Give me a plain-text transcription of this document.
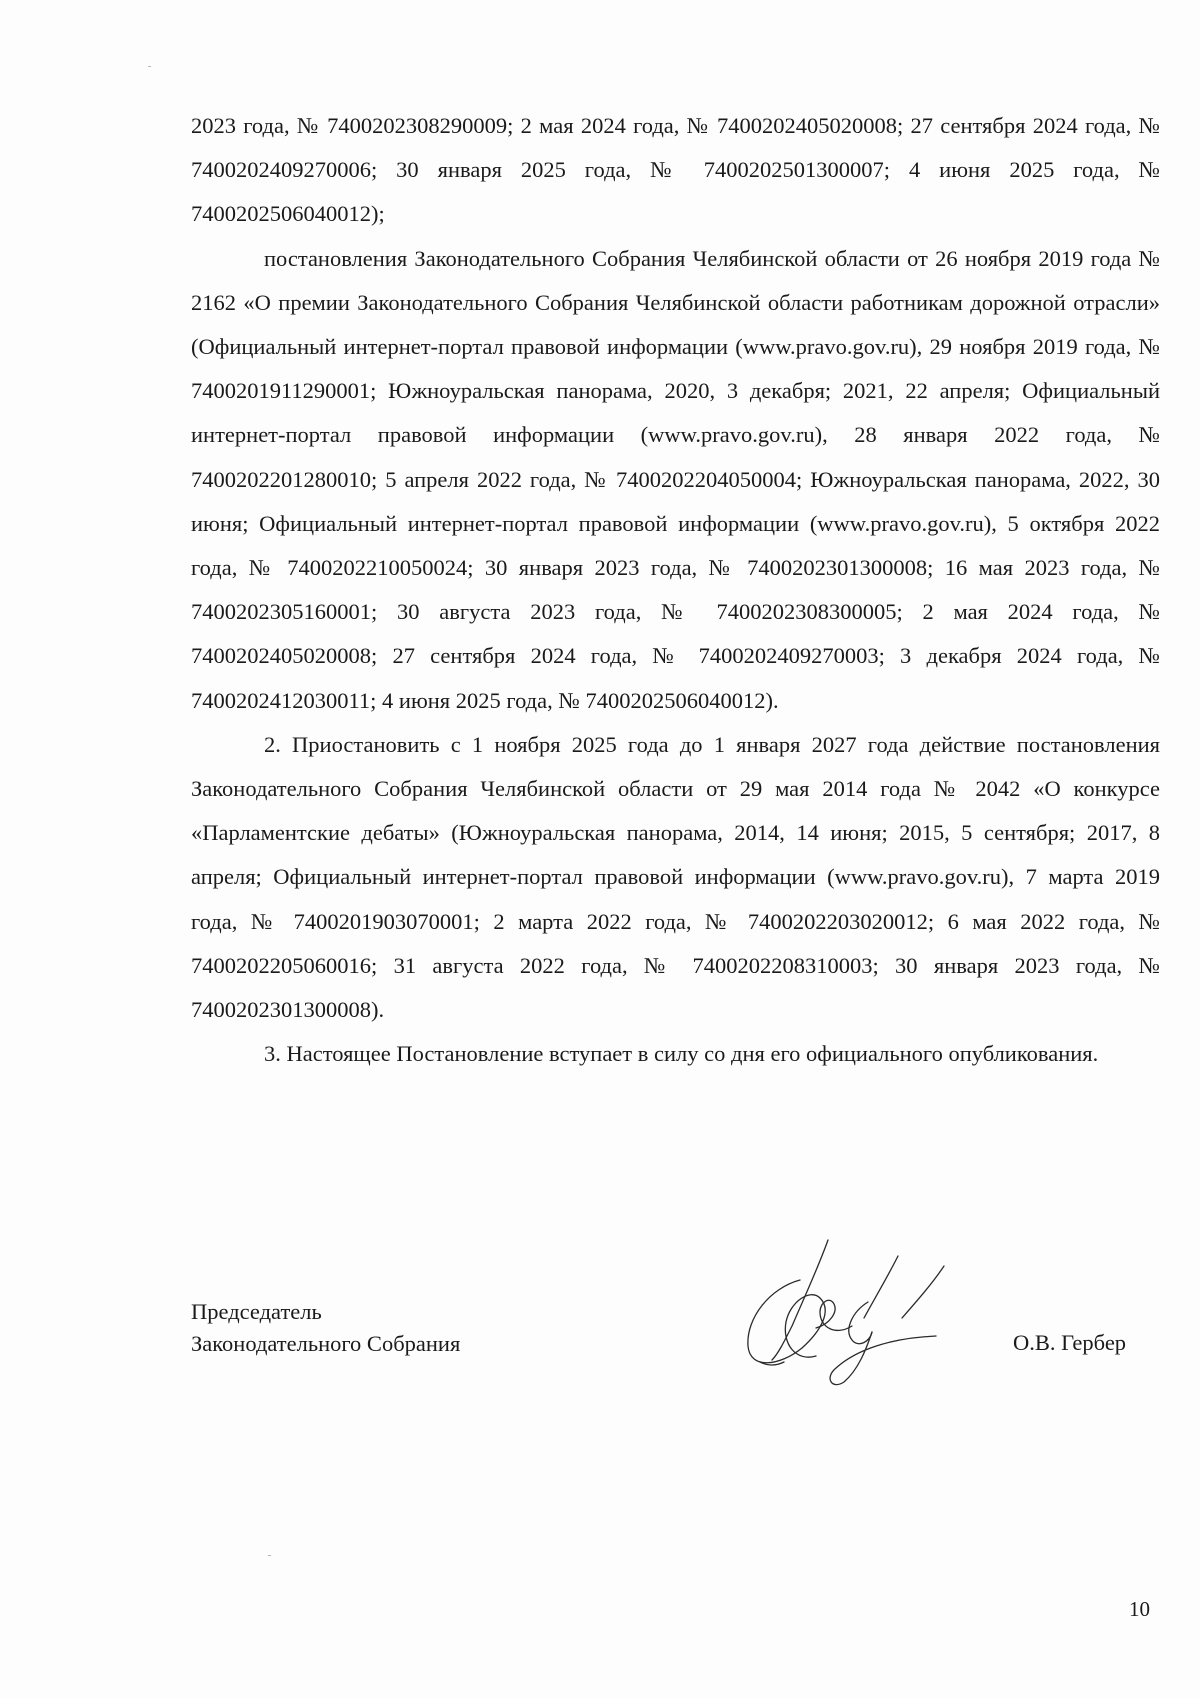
2023 года, № 7400202308290009; 2 мая 2024 года, № 7400202405020008; 27 сентября 2024 года, № 7400202409270006; 30 января 2025 года, № 7400202501300007; 4 июня 2025 года, № 7400202506040012);

постановления Законодательного Собрания Челябинской области от 26 ноября 2019 года № 2162 «О премии Законодательного Собрания Челябинской области работникам дорожной отрасли» (Официальный интернет-портал правовой информации (www.pravo.gov.ru), 29 ноября 2019 года, № 7400201911290001; Южноуральская панорама, 2020, 3 декабря; 2021, 22 апреля; Официальный интернет-портал правовой информации (www.pravo.gov.ru), 28 января 2022 года, № 7400202201280010; 5 апреля 2022 года, № 7400202204050004; Южноуральская панорама, 2022, 30 июня; Официальный интернет-портал правовой информации (www.pravo.gov.ru), 5 октября 2022 года, № 7400202210050024; 30 января 2023 года, № 7400202301300008; 16 мая 2023 года, № 7400202305160001; 30 августа 2023 года, № 7400202308300005; 2 мая 2024 года, № 7400202405020008; 27 сентября 2024 года, № 7400202409270003; 3 декабря 2024 года, № 7400202412030011; 4 июня 2025 года, № 7400202506040012).

2. Приостановить с 1 ноября 2025 года до 1 января 2027 года действие постановления Законодательного Собрания Челябинской области от 29 мая 2014 года № 2042 «О конкурсе «Парламентские дебаты» (Южноуральская панорама, 2014, 14 июня; 2015, 5 сентября; 2017, 8 апреля; Официальный интернет-портал правовой информации (www.pravo.gov.ru), 7 марта 2019 года, № 7400201903070001; 2 марта 2022 года, № 7400202203020012; 6 мая 2022 года, № 7400202205060016; 31 августа 2022 года, № 7400202208310003; 30 января 2023 года, № 7400202301300008).

3. Настоящее Постановление вступает в силу со дня его официального опубликования.

Председатель
Законодательного Собрания	О.В. Гербер
10
